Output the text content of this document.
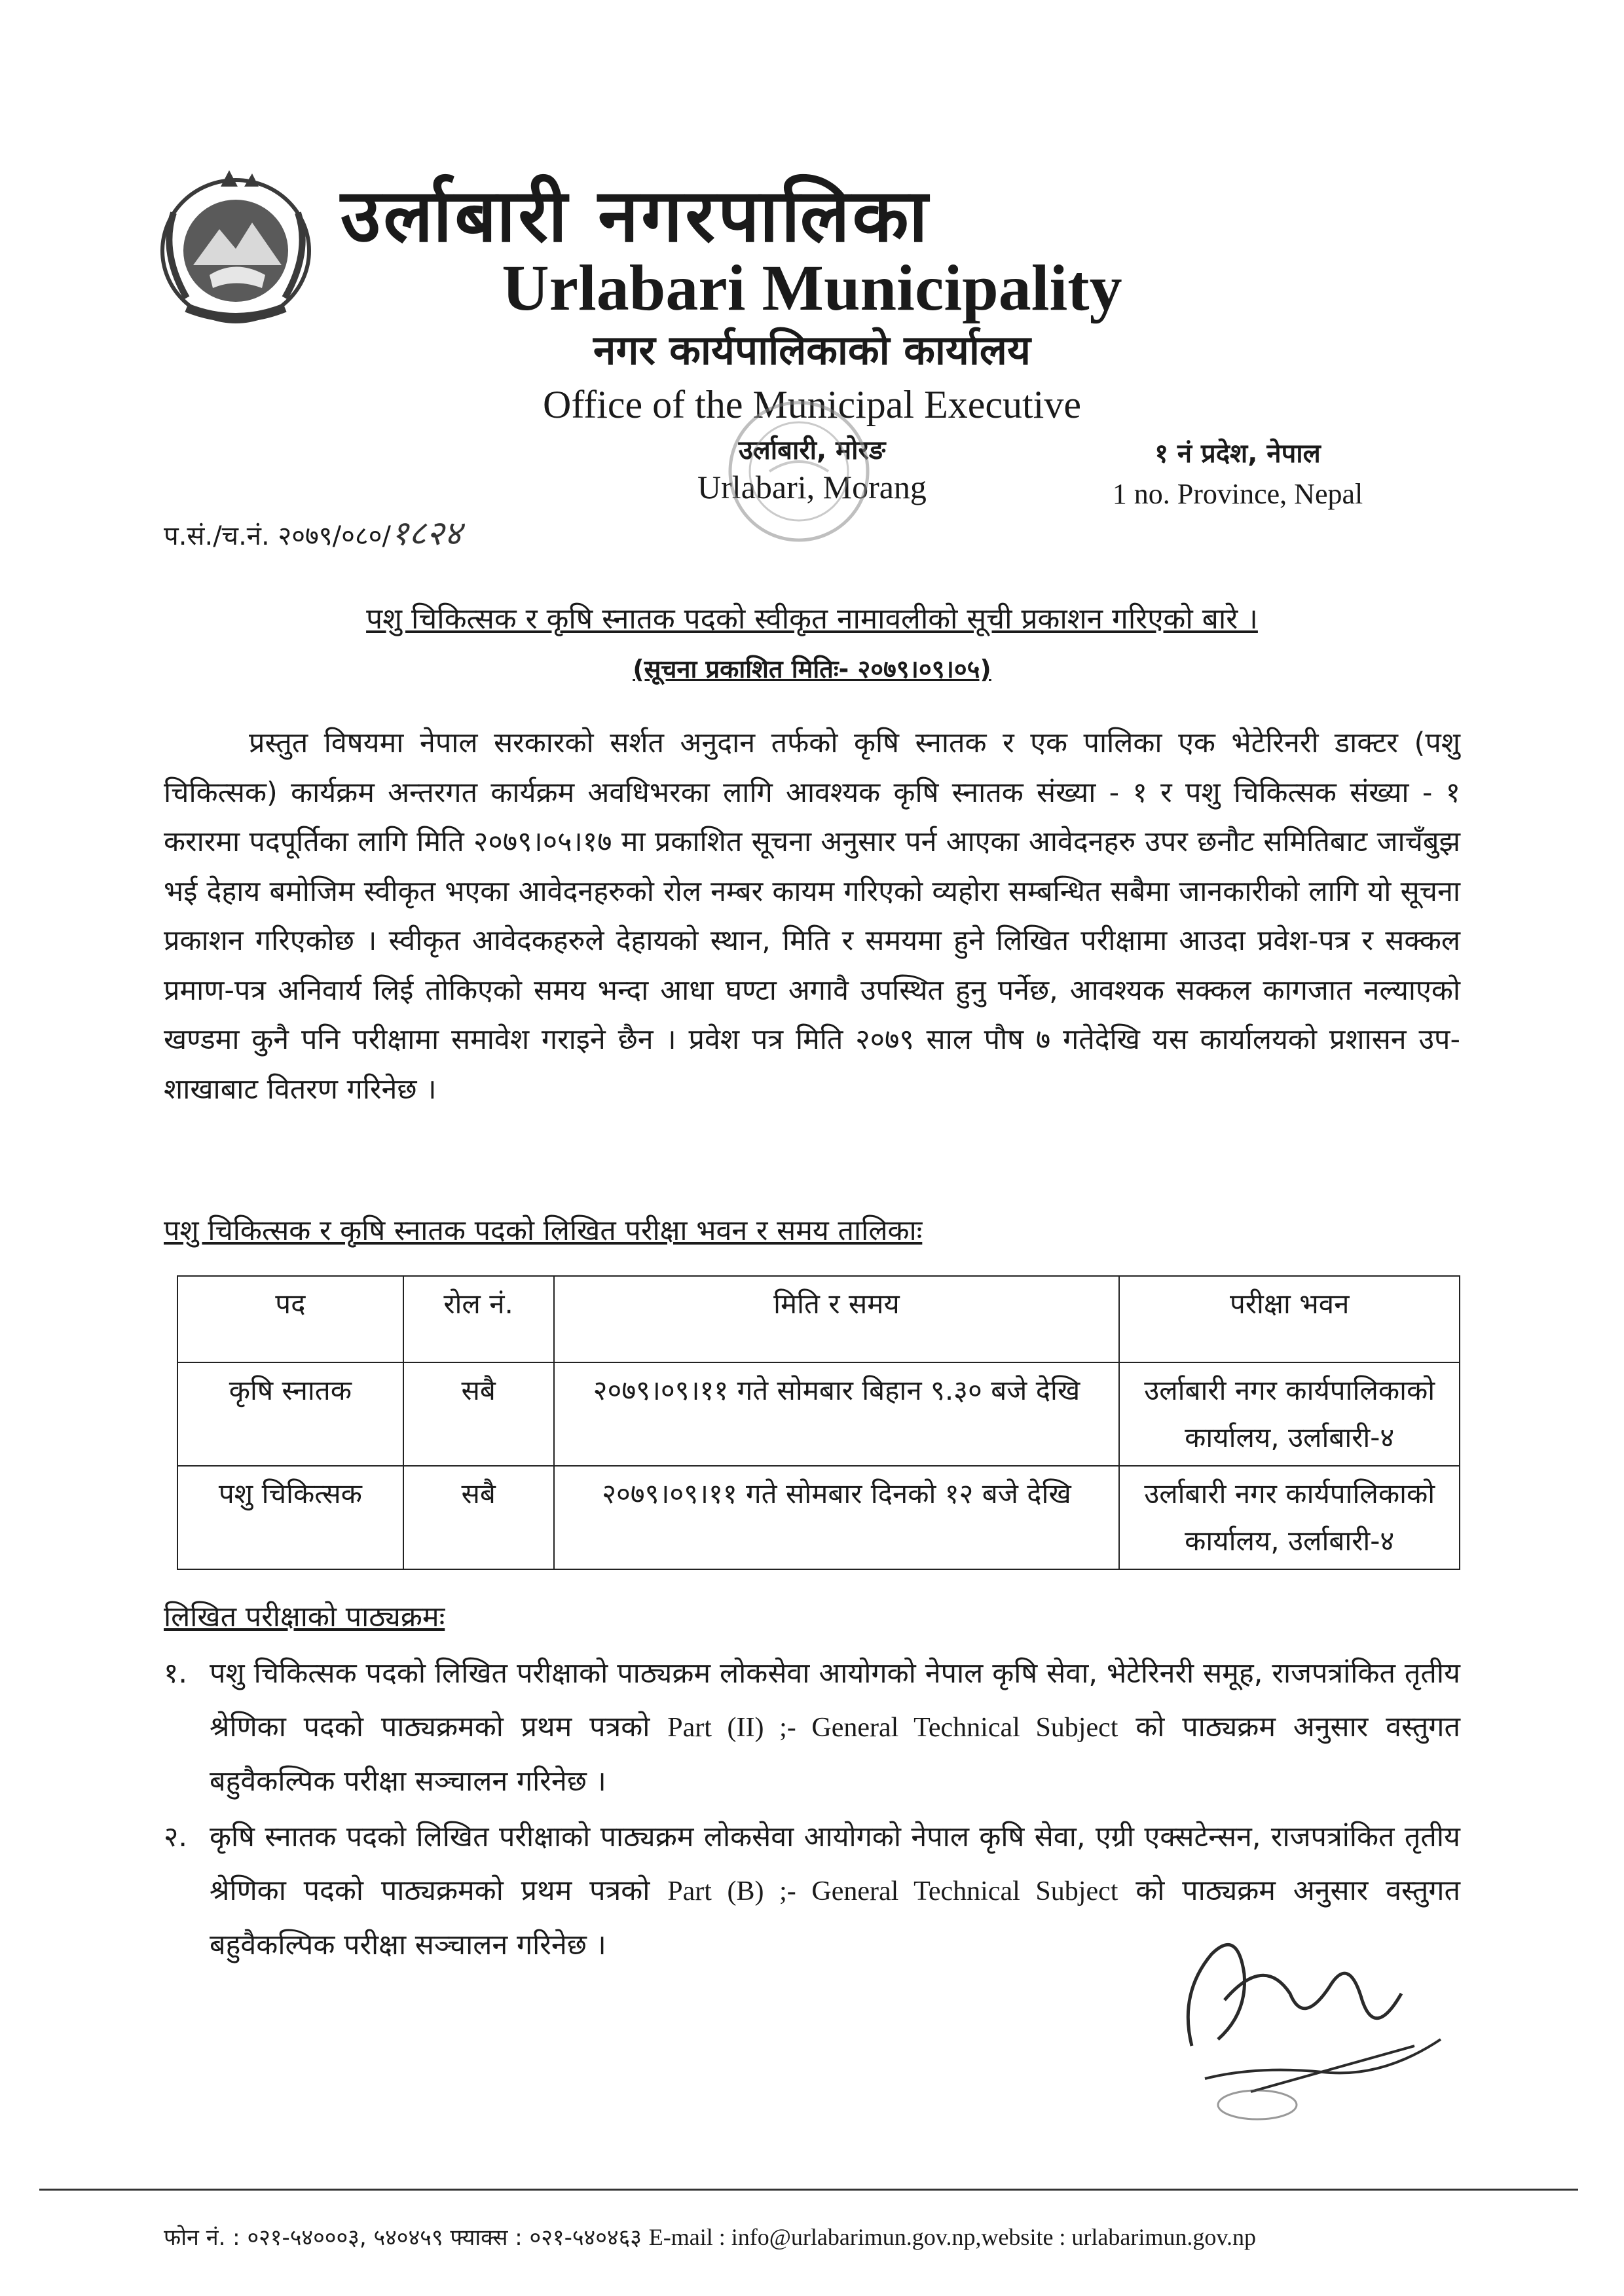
उर्लाबारी नगरपालिका
Urlabari Municipality
नगर कार्यपालिकाको कार्यालय
Office of the Municipal Executive
उर्लाबारी, मोरङ
Urlabari, Morang
१ नं प्रदेश, नेपाल
1 no. Province, Nepal
प.सं./च.नं. २०७९/०८०/१८२४
पशु चिकित्सक र कृषि स्नातक पदको स्वीकृत नामावलीको सूची प्रकाशन गरिएको बारे ।
(सूचना प्रकाशित मितिः- २०७९।०९।०५)
प्रस्तुत विषयमा नेपाल सरकारको सर्शत अनुदान तर्फको कृषि स्नातक र एक पालिका एक भेटेरिनरी डाक्टर (पशु चिकित्सक) कार्यक्रम अन्तरगत कार्यक्रम अवधिभरका लागि आवश्यक कृषि स्नातक संख्या - १ र पशु चिकित्सक संख्या - १ करारमा पदपूर्तिका लागि मिति २०७९।०५।१७ मा प्रकाशित सूचना अनुसार पर्न आएका आवेदनहरु उपर छनौट समितिबाट जाचँबुझ भई देहाय बमोजिम स्वीकृत भएका आवेदनहरुको रोल नम्बर कायम गरिएको व्यहोरा सम्बन्धित सबैमा जानकारीको लागि यो सूचना प्रकाशन गरिएकोछ । स्वीकृत आवेदकहरुले देहायको स्थान, मिति र समयमा हुने लिखित परीक्षामा आउदा प्रवेश-पत्र र सक्कल प्रमाण-पत्र अनिवार्य लिई तोकिएको समय भन्दा आधा घण्टा अगावै उपस्थित हुनु पर्नेछ, आवश्यक सक्कल कागजात नल्याएको खण्डमा कुनै पनि परीक्षामा समावेश गराइने छैन । प्रवेश पत्र मिति २०७९ साल पौष ७ गतेदेखि यस कार्यालयको प्रशासन उप-शाखाबाट वितरण गरिनेछ ।
पशु चिकित्सक र कृषि स्नातक पदको लिखित परीक्षा भवन र समय तालिकाः
पद	रोल नं.	मिति र समय	परीक्षा भवन
कृषि स्नातक	सबै	२०७९।०९।११ गते सोमबार बिहान ९.३० बजे देखि	उर्लाबारी नगर कार्यपालिकाको कार्यालय, उर्लाबारी-४
पशु चिकित्सक	सबै	२०७९।०९।११ गते सोमबार दिनको १२ बजे देखि	उर्लाबारी नगर कार्यपालिकाको कार्यालय, उर्लाबारी-४
लिखित परीक्षाको पाठ्यक्रमः
१. पशु चिकित्सक पदको लिखित परीक्षाको पाठ्यक्रम लोकसेवा आयोगको नेपाल कृषि सेवा, भेटेरिनरी समूह, राजपत्रांकित तृतीय श्रेणिका पदको पाठ्यक्रमको प्रथम पत्रको Part (II) ;- General Technical Subject को पाठ्यक्रम अनुसार वस्तुगत बहुवैकल्पिक परीक्षा सञ्चालन गरिनेछ ।
२. कृषि स्नातक पदको लिखित परीक्षाको पाठ्यक्रम लोकसेवा आयोगको नेपाल कृषि सेवा, एग्री एक्सटेन्सन, राजपत्रांकित तृतीय श्रेणिका पदको पाठ्यक्रमको प्रथम पत्रको Part (B) ;- General Technical Subject को पाठ्यक्रम अनुसार वस्तुगत बहुवैकल्पिक परीक्षा सञ्चालन गरिनेछ ।
फोन नं. : ०२१-५४०००३, ५४०४५९ फ्याक्स : ०२१-५४०४६३ E-mail : info@urlabarimun.gov.np,website : urlabarimun.gov.np
